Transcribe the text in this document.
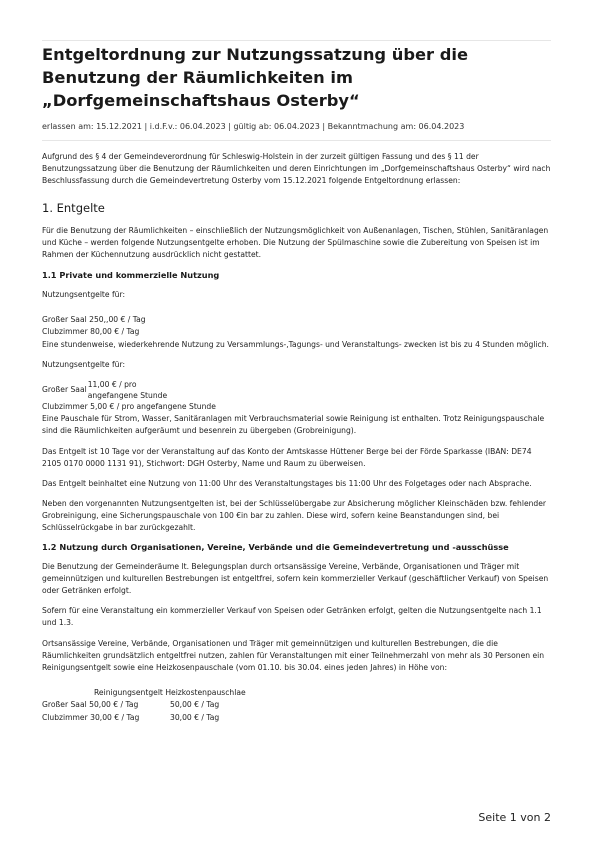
Entgeltordnung zur Nutzungssatzung über die Benutzung der Räumlichkeiten im „Dorfgemeinschaftshaus Osterby“
erlassen am: 15.12.2021 | i.d.F.v.: 06.04.2023 | gültig ab: 06.04.2023 | Bekanntmachung am: 06.04.2023

Aufgrund des § 4 der Gemeindeverordnung für Schleswig-Holstein in der zurzeit gültigen Fassung und des § 11 der Benutzungssatzung über die Benutzung der Räumlichkeiten und deren Einrichtungen im „Dorfgemeinschaftshaus Osterby“ wird nach Beschlussfassung durch die Gemeindevertretung Osterby vom 15.12.2021 folgende Entgeltordnung erlassen:

1. Entgelte

Für die Benutzung der Räumlichkeiten – einschließlich der Nutzungsmöglichkeit von Außenanlagen, Tischen, Stühlen, Sanitäranlagen und Küche – werden folgende Nutzungsentgelte erhoben. Die Nutzung der Spülmaschine sowie die Zubereitung von Speisen ist im Rahmen der Küchennutzung ausdrücklich nicht gestattet.

1.1 Private und kommerzielle Nutzung

Nutzungsentgelte für:

Großer Saal 250,,00 € / Tag
Clubzimmer 80,00 € / Tag

Eine stundenweise, wiederkehrende Nutzung zu Versammlungs-,Tagungs- und Veranstaltungs- zwecken ist bis zu 4 Stunden möglich.

Nutzungsentgelte für:

Großer Saal	11,00 € / pro angefangene Stunde
Clubzimmer 5,00 € / pro angefangene Stunde

Eine Pauschale für Strom, Wasser, Sanitäranlagen mit Verbrauchsmaterial sowie Reinigung ist enthalten. Trotz Reinigungspauschale sind die Räumlichkeiten aufgeräumt und besenrein zu übergeben (Grobreinigung).

Das Entgelt ist 10 Tage vor der Veranstaltung auf das Konto der Amtskasse Hüttener Berge bei der Förde Sparkasse (IBAN: DE74 2105 0170 0000 1131 91), Stichwort: DGH Osterby, Name und Raum zu überweisen.

Das Entgelt beinhaltet eine Nutzung von 11:00 Uhr des Veranstaltungstages bis 11:00 Uhr des Folgetages oder nach Absprache.

Neben den vorgenannten Nutzungsentgelten ist, bei der Schlüsselübergabe zur Absicherung möglicher Kleinschäden bzw. fehlender Grobreinigung, eine Sicherungspauschale von 100 €in bar zu zahlen. Diese wird, sofern keine Beanstandungen sind, bei Schlüsselrückgabe in bar zurückgezahlt.

1.2 Nutzung durch Organisationen, Vereine, Verbände und die Gemeindevertretung und -ausschüsse

Die Benutzung der Gemeinderäume lt. Belegungsplan durch ortsansässige Vereine, Verbände, Organisationen und Träger mit gemeinnützigen und kulturellen Bestrebungen ist entgeltfrei, sofern kein kommerzieller Verkauf (geschäftlicher Verkauf) von Speisen oder Getränken erfolgt.

Sofern für eine Veranstaltung ein kommerzieller Verkauf von Speisen oder Getränken erfolgt, gelten die Nutzungsentgelte nach 1.1 und 1.3.

Ortsansässige Vereine, Verbände, Organisationen und Träger mit gemeinnützigen und kulturellen Bestrebungen, die die Räumlichkeiten grundsätzlich entgeltfrei nutzen, zahlen für Veranstaltungen mit einer Teilnehmerzahl von mehr als 30 Personen ein Reinigungsentgelt sowie eine Heizkosenpauschale (vom 01.10. bis 30.04. eines jeden Jahres) in Höhe von:

Reinigungsentgelt Heizkostenpauschlae
Großer Saal 50,00 € / Tag	50,00 € / Tag
Clubzimmer 30,00 € / Tag	30,00 € / Tag
Seite 1 von 2
